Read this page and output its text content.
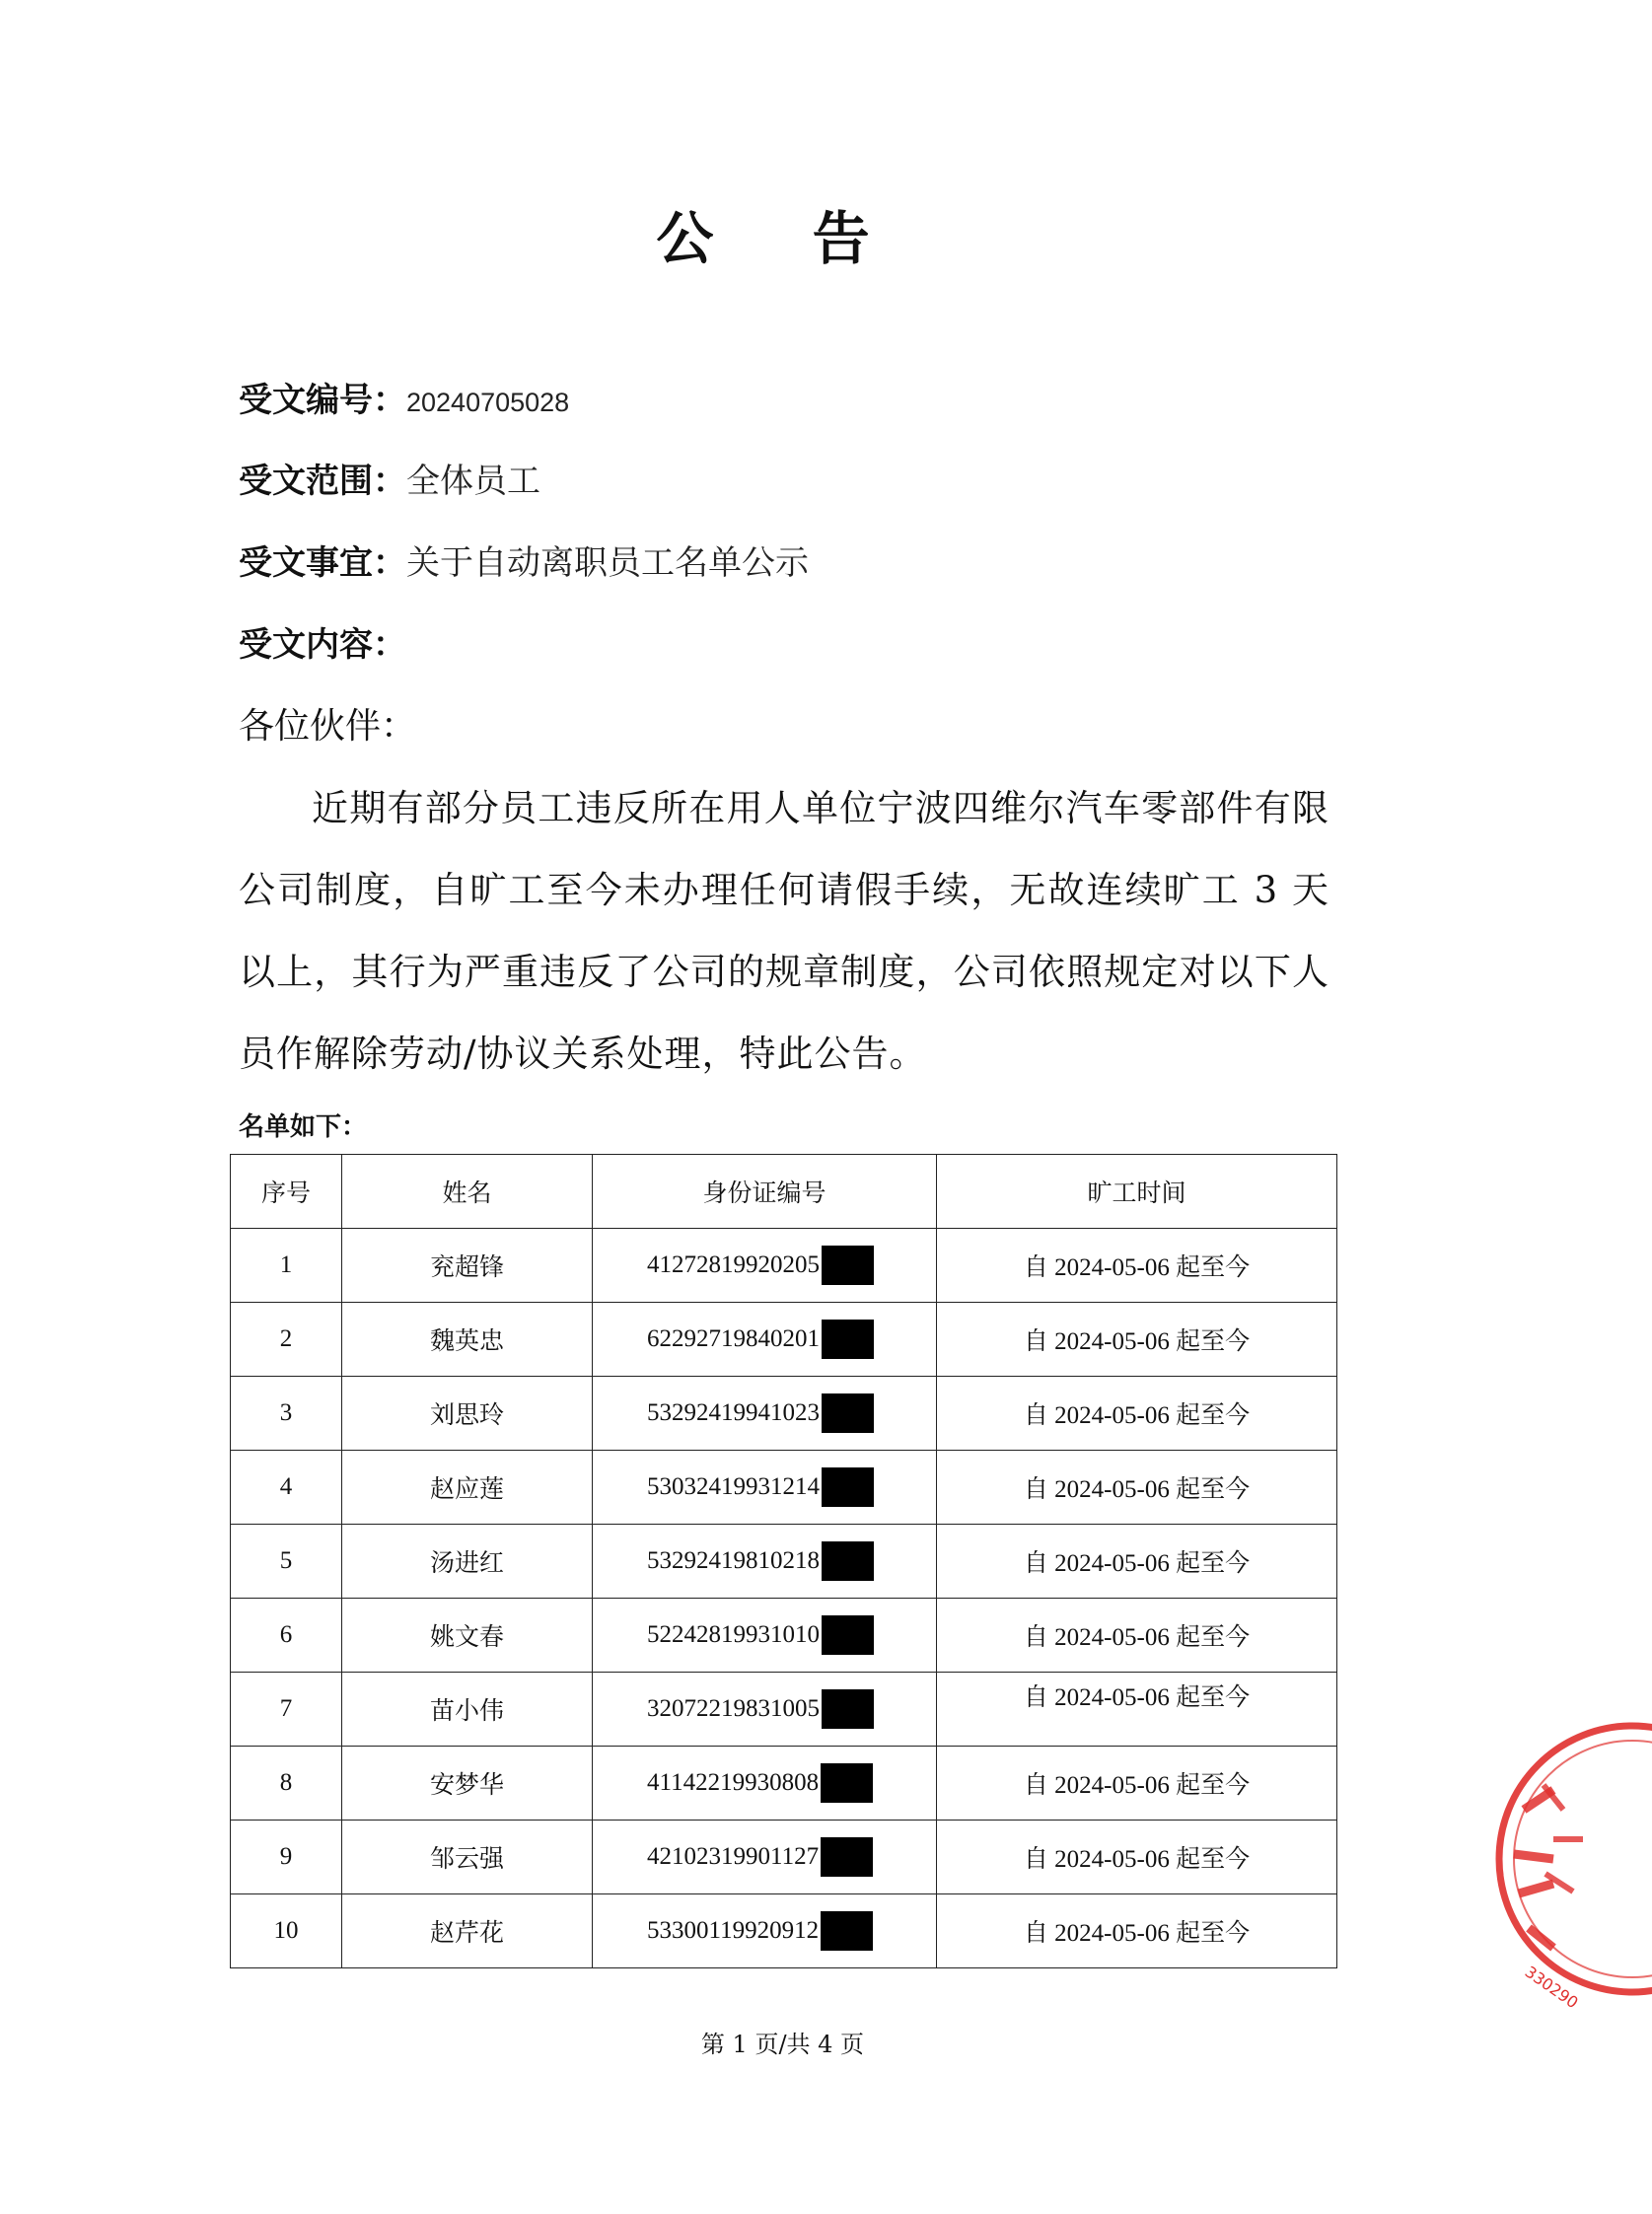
公 告
受文编号：20240705028
受文范围：全体员工
受文事宜：关于自动离职员工名单公示
受文内容：
各位伙伴：
近期有部分员工违反所在用人单位宁波四维尔汽车零部件有限公司制度，自旷工至今未办理任何请假手续，无故连续旷工 3 天以上，其行为严重违反了公司的规章制度，公司依照规定对以下人员作解除劳动/协议关系处理，特此公告。
名单如下：
序号	姓名	身份证编号	旷工时间
1	兖超锋	41272819920205	自 2024-05-06 起至今
2	魏英忠	62292719840201	自 2024-05-06 起至今
3	刘思玲	53292419941023	自 2024-05-06 起至今
4	赵应莲	53032419931214	自 2024-05-06 起至今
5	汤进红	53292419810218	自 2024-05-06 起至今
6	姚文春	52242819931010	自 2024-05-06 起至今
7	苗小伟	32072219831005	自 2024-05-06 起至今
8	安梦华	41142219930808	自 2024-05-06 起至今
9	邹云强	42102319901127	自 2024-05-06 起至今
10	赵芹花	53300119920912	自 2024-05-06 起至今
第 1 页/共 4 页
330290
